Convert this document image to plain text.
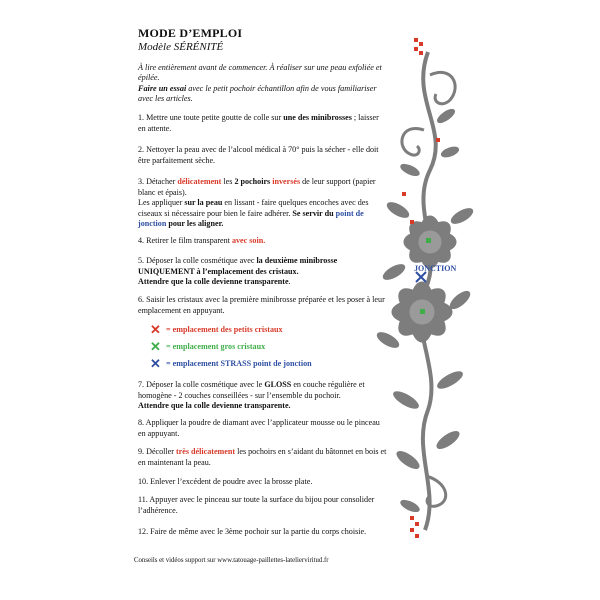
MODE D’EMPLOI
Modèle SÉRÉNITÉ
À lire entièrement avant de commencer. À réaliser sur une peau exfoliée et épilée.
Faire un essai avec le petit pochoir échantillon afin de vous familiariser avec les articles.
1. Mettre une toute petite goutte de colle sur une des minibrosses ; laisser en attente.
2. Nettoyer la peau avec de l’alcool médical à 70° puis la sécher - elle doit être parfaitement sèche.
3. Détacher délicatement les 2 pochoirs inversés de leur support (papier blanc et épais).
Les appliquer sur la peau en lissant - faire quelques encoches avec des ciseaux si nécessaire pour bien le faire adhérer. Se servir du point de jonction pour les aligner.
4. Retirer le film transparent avec soin.
5. Déposer la colle cosmétique avec la deuxième minibrosse UNIQUEMENT à l’emplacement des cristaux.
Attendre que la colle devienne transparente.
6. Saisir les cristaux avec la première minibrosse préparée et les poser à leur emplacement en appuyant.
✕ = emplacement des petits cristaux
✕ = emplacement gros cristaux
✕ = emplacement STRASS point de jonction
7. Déposer la colle cosmétique avec le GLOSS en couche régulière et homogène - 2 couches conseillées - sur l’ensemble du pochoir.
Attendre que la colle devienne transparente.
8. Appliquer la poudre de diamant avec l’applicateur mousse ou le pinceau en appuyant.
9. Décoller très délicatement les pochoirs en s’aidant du bâtonnet en bois et en maintenant la peau.
10. Enlever l’excédent de poudre avec la brosse plate.
11. Appuyer avec le pinceau sur toute la surface du bijou pour consolider l’adhérence.
12. Faire de même avec le 3ème pochoir sur la partie du corps choisie.
Conseils et vidéos support sur www.tatouage-paillettes-latelierviritud.fr
JONCTION
